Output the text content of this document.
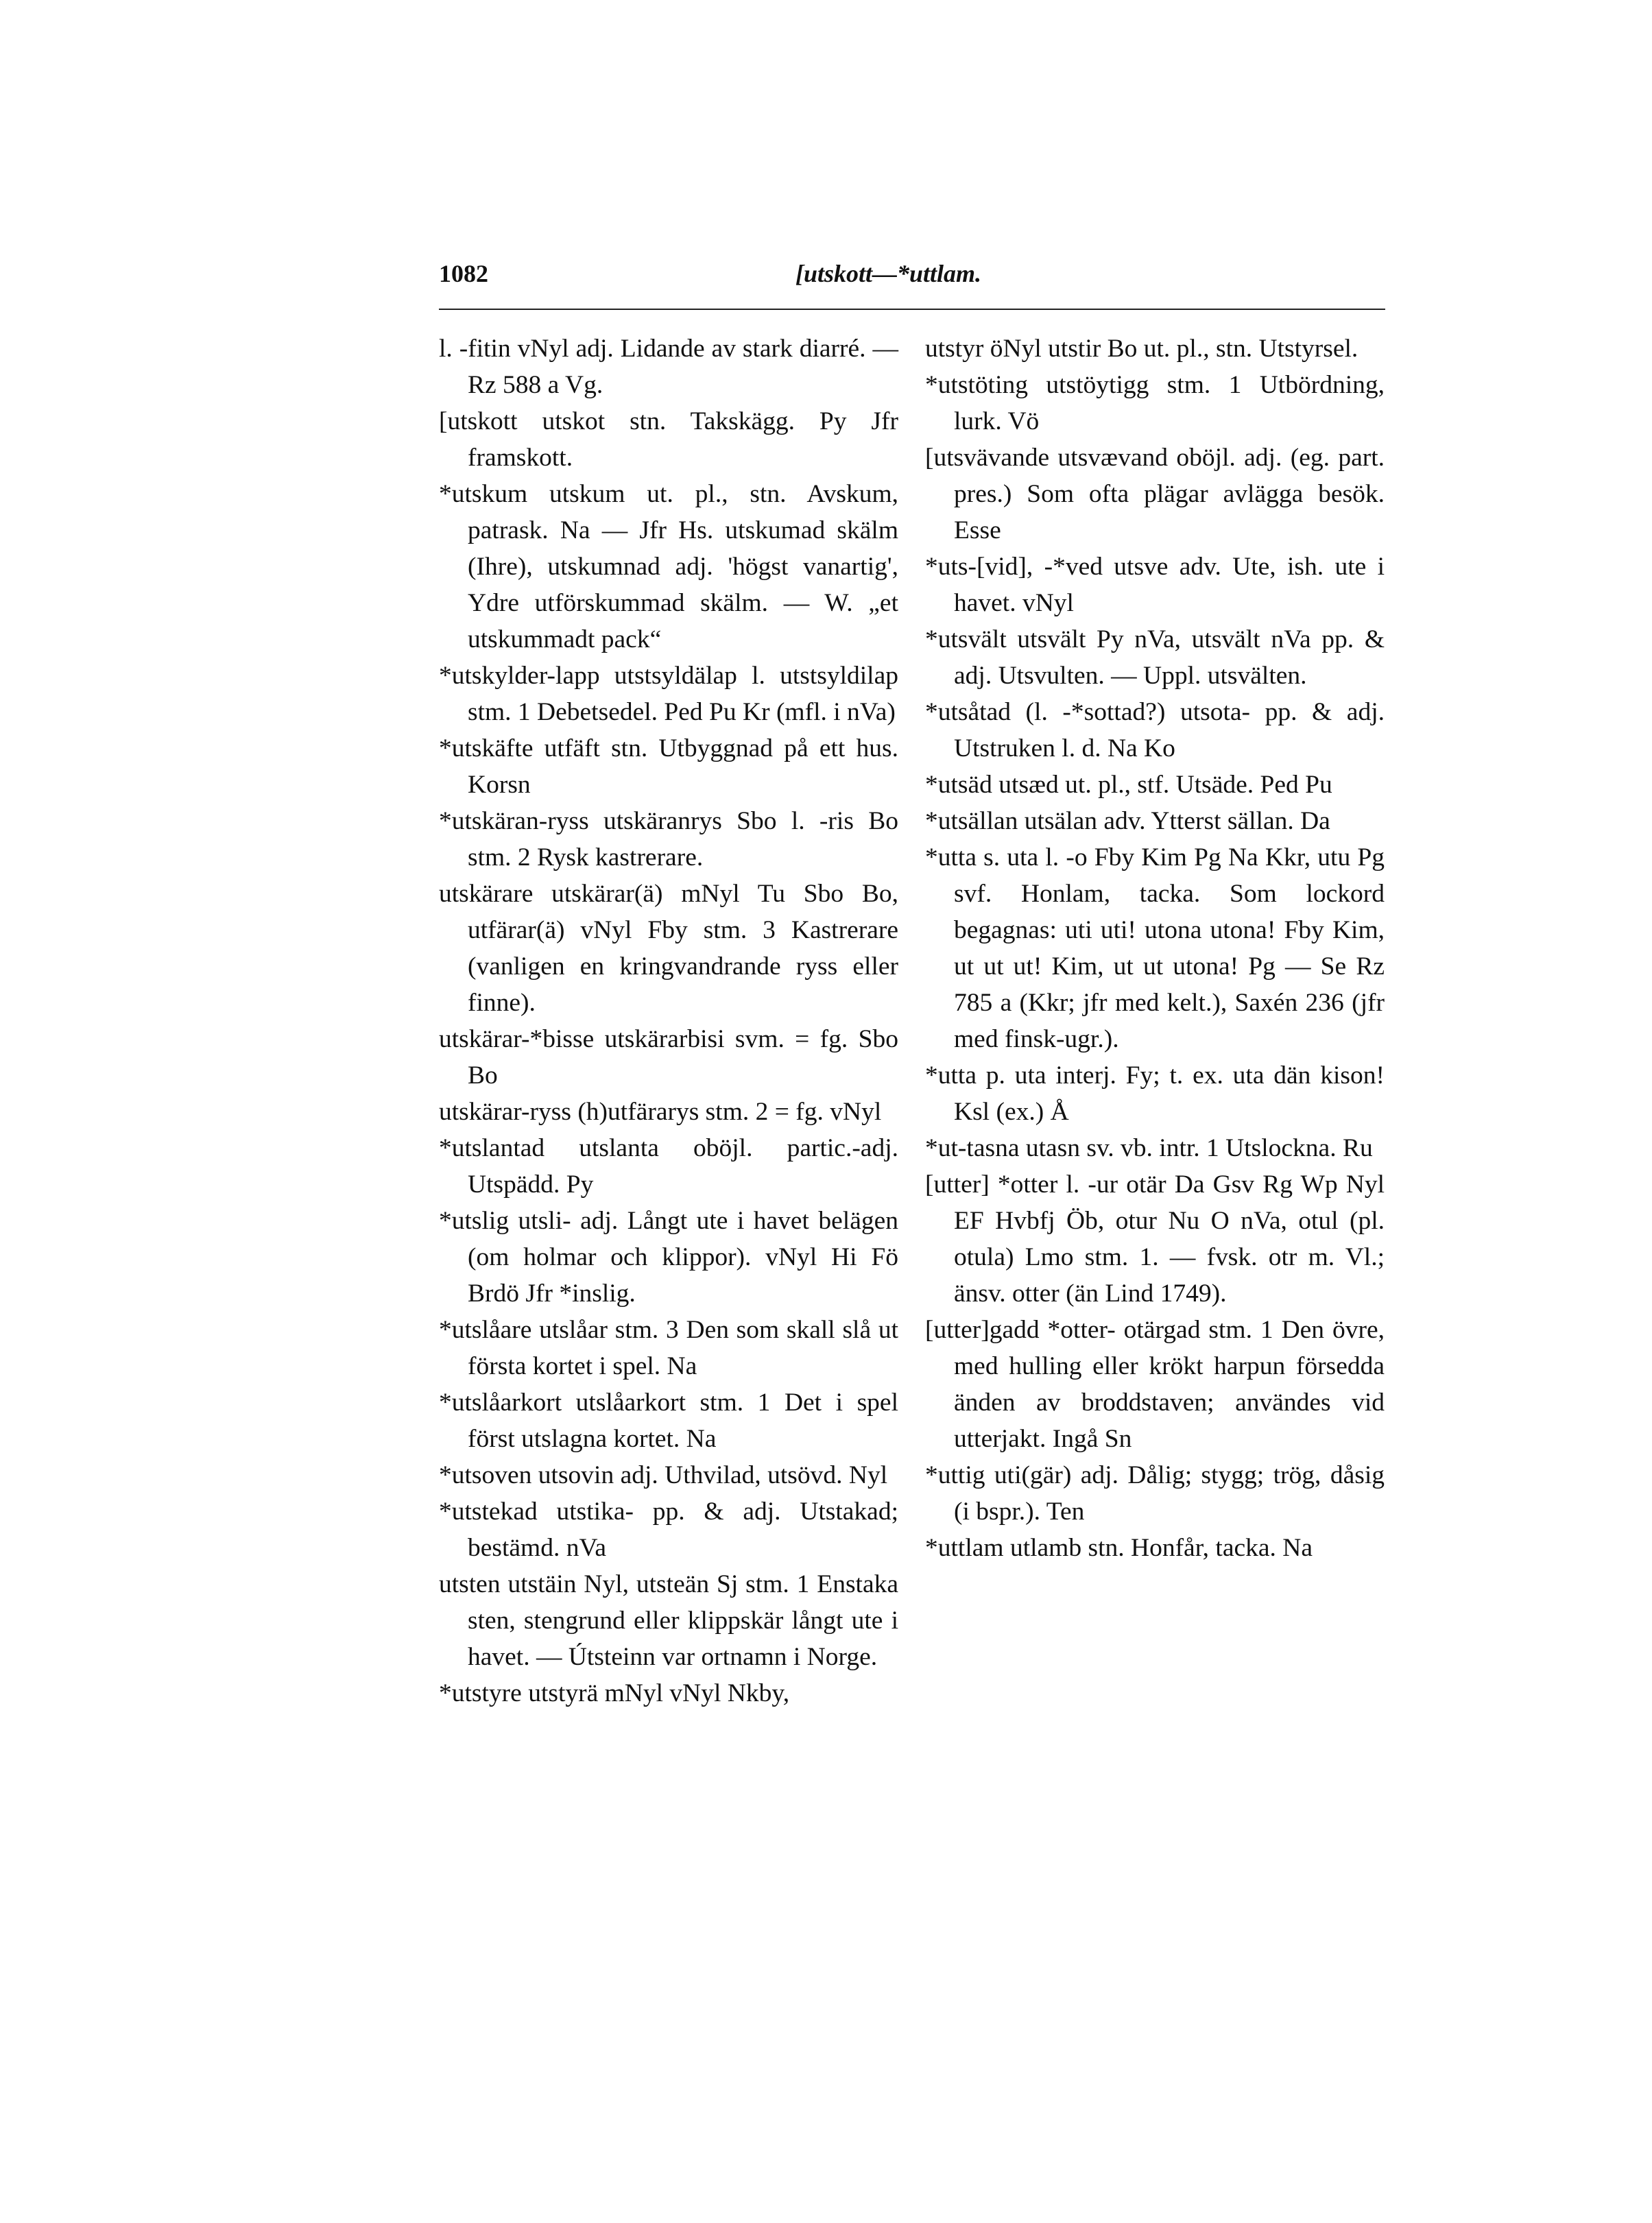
1082	[utskott—*uttlam.

l. -fitin vNyl adj. Lidande av stark diarré. — Rz 588 a Vg.

[utskott utskot stn. Takskägg. Py Jfr framskott.

*utskum utskum ut. pl., stn. Avskum, patrask. Na — Jfr Hs. utskumad skälm (Ihre), utskumnad adj. 'högst vanartig', Ydre utförskummad skälm. — W. „et utskummadt pack“

*utskylder-lapp utstsyldälap l. utstsyldilap stm. 1 Debetsedel. Ped Pu Kr (mfl. i nVa)

*utskäfte utfäft stn. Utbyggnad på ett hus. Korsn

*utskäran-ryss utskäranrys Sbo l. -ris Bo stm. 2 Rysk kastrerare.

utskärare utskärar(ä) mNyl Tu Sbo Bo, utfärar(ä) vNyl Fby stm. 3 Kastrerare (vanligen en kringvandrande ryss eller finne).

utskärar-*bisse utskärarbisi svm. = fg. Sbo Bo

utskärar-ryss (h)utfärarys stm. 2 = fg. vNyl

*utslantad utslanta oböjl. partic.-adj. Utspädd. Py

*utslig utsli- adj. Långt ute i havet belägen (om holmar och klippor). vNyl Hi Fö Brdö Jfr *inslig.

*utslåare utslåar stm. 3 Den som skall slå ut första kortet i spel. Na

*utslåarkort utslåarkort stm. 1 Det i spel först utslagna kortet. Na

*utsoven utsovin adj. Uthvilad, utsövd. Nyl

*utstekad utstika- pp. & adj. Utstakad; bestämd. nVa

utsten utstäin Nyl, utsteän Sj stm. 1 Enstaka sten, stengrund eller klippskär långt ute i havet. — Útsteinn var ortnamn i Norge.

*utstyre utstyrä mNyl vNyl Nkby,

utstyr öNyl utstir Bo ut. pl., stn. Utstyrsel.

*utstöting utstöytigg stm. 1 Utbördning, lurk. Vö

[utsvävande utsvævand oböjl. adj. (eg. part. pres.) Som ofta plägar avlägga besök. Esse

*uts-[vid], -*ved utsve adv. Ute, ish. ute i havet. vNyl

*utsvält utsvält Py nVa, utsvält nVa pp. & adj. Utsvulten. — Uppl. utsvälten.

*utsåtad (l. -*sottad?) utsota- pp. & adj. Utstruken l. d. Na Ko

*utsäd utsæd ut. pl., stf. Utsäde. Ped Pu

*utsällan utsälan adv. Ytterst sällan. Da

*utta s. uta l. -o Fby Kim Pg Na Kkr, utu Pg svf. Honlam, tacka. Som lockord begagnas: uti uti! utona utona! Fby Kim, ut ut ut! Kim, ut ut utona! Pg — Se Rz 785 a (Kkr; jfr med kelt.), Saxén 236 (jfr med finsk-ugr.).

*utta p. uta interj. Fy; t. ex. uta dän kison! Ksl (ex.) Å

*ut-tasna utasn sv. vb. intr. 1 Utslockna. Ru

[utter] *otter l. -ur otär Da Gsv Rg Wp Nyl EF Hvbfj Öb, otur Nu O nVa, otul (pl. otula) Lmo stm. 1. — fvsk. otr m. Vl.; änsv. otter (än Lind 1749).

[utter]gadd *otter- otärgad stm. 1 Den övre, med hulling eller krökt harpun försedda änden av broddstaven; användes vid utterjakt. Ingå Sn

*uttig uti(gär) adj. Dålig; stygg; trög, dåsig (i bspr.). Ten

*uttlam utlamb stn. Honfår, tacka. Na
